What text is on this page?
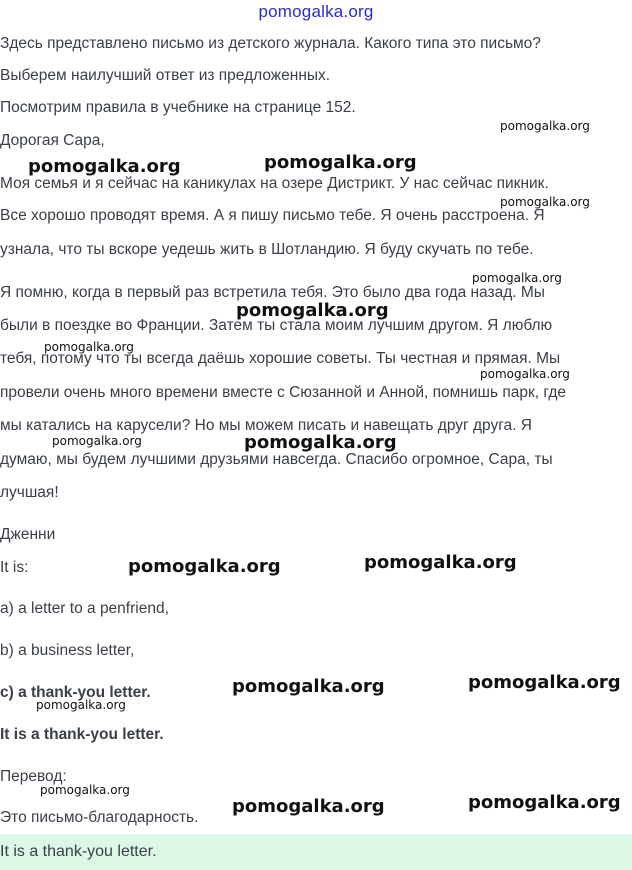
pomogalka.org
Здесь представлено письмо из детского журнала. Какого типа это письмо?
Выберем наилучший ответ из предложенных.
Посмотрим правила в учебнике на странице 152.
Дорогая Сара,
Моя семья и я сейчас на каникулах на озере Дистрикт. У нас сейчас пикник.
Все хорошо проводят время. А я пишу письмо тебе. Я очень расстроена. Я
узнала, что ты вскоре уедешь жить в Шотландию. Я буду скучать по тебе.
Я помню, когда в первый раз встретила тебя. Это было два года назад. Мы
были в поездке во Франции. Затем ты стала моим лучшим другом. Я люблю
тебя, потому что ты всегда даёшь хорошие советы. Ты честная и прямая. Мы
провели очень много времени вместе с Сюзанной и Анной, помнишь парк, где
мы катались на карусели? Но мы можем писать и навещать друг друга. Я
думаю, мы будем лучшими друзьями навсегда. Спасибо огромное, Сара, ты
лучшая!
Дженни
It is:
a) a letter to a penfriend,
b) a business letter,
c) a thank-you letter.
It is a thank-you letter.
Перевод:
Это письмо-благодарность.
It is a thank-you letter.
pomogalka.org
pomogalka.org	pomogalka.org
pomogalka.org
pomogalka.org
pomogalka.org
pomogalka.org
pomogalka.org
pomogalka.org	pomogalka.org
pomogalka.org	pomogalka.org
pomogalka.org	pomogalka.org
pomogalka.org
pomogalka.org
pomogalka.org	pomogalka.org
